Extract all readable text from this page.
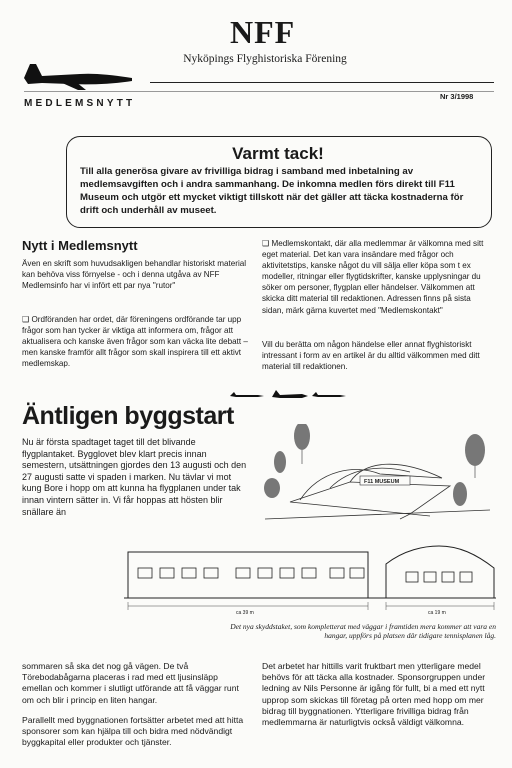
NFF
Nyköpings Flyghistoriska Förening
MEDLEMSNYTT
Nr 3/1998
Varmt tack!
Till alla generösa givare av frivilliga bidrag i samband med inbetalning av medlemsavgiften och i andra sammanhang. De inkomna medlen förs direkt till F11 Museum och utgör ett mycket viktigt tillskott när det gäller att täcka kostnaderna för drift och underhåll av museet.
Nytt i Medlemsnytt

Även en skrift som huvudsakligen behandlar historiskt material kan behöva viss förnyelse - och i denna utgåva av NFF Medlemsinfo har vi infört ett par nya "rutor"

❑ Ordföranden har ordet, där föreningens ordförande tar upp frågor som han tycker är viktiga att informera om, frågor att aktualisera och kanske även frågor som kan väcka lite debatt – men kanske framför allt frågor som skall inspirera till ett aktivt medlemskap.

❑ Medlemskontakt, där alla medlemmar är välkomna med sitt eget material. Det kan vara insändare med frågor och aktivitetstips, kanske något du vill sälja eller köpa som t ex modeller, ritningar eller flygtidskrifter, kanske upplysningar du söker om personer, flygplan eller händelser. Välkommen att skicka ditt material till redaktionen. Adressen finns på sista sidan, märk gärna kuvertet med "Medlemskontakt"

Vill du berätta om någon händelse eller annat flyghistoriskt intressant i form av en artikel är du alltid välkommen med ditt material till redaktionen.

Äntligen byggstart

Nu är första spadtaget taget till det blivande flygplantaket. Bygglovet blev klart precis innan semestern, utsättningen gjordes den 13 augusti och den 27 augusti satte vi spaden i marken. Nu tävlar vi mot kung Bore i hopp om att kunna ha flygplanen under tak innan vintern sätter in. Vi får hoppas att hösten blir snällare än

F11 MUSEUM
ca 39 m	ca 19 m

Det nya skyddstaket, som kompletterat med väggar i framtiden mera kommer att vara en hangar, uppförs på platsen där tidigare tennisplanen låg.

sommaren så ska det nog gå vägen. De två Törebodabågarna placeras i rad med ett ljusinsläpp emellan och kommer i slutligt utförande att få väggar runt om och blir i princip en liten hangar.

Parallellt med byggnationen fortsätter arbetet med att hitta sponsorer som kan hjälpa till och bidra med nödvändigt byggkapital eller produkter och tjänster.

Det arbetet har hittills varit fruktbart men ytterligare medel behövs för att täcka alla kostnader. Sponsorgruppen under ledning av Nils Personne är igång för fullt, bi a med ett nytt upprop som skickas till företag på orten med hopp om mer bidrag till byggnationen. Ytterligare frivilliga bidrag från medlemmarna är naturligtvis också väldigt välkomna.
